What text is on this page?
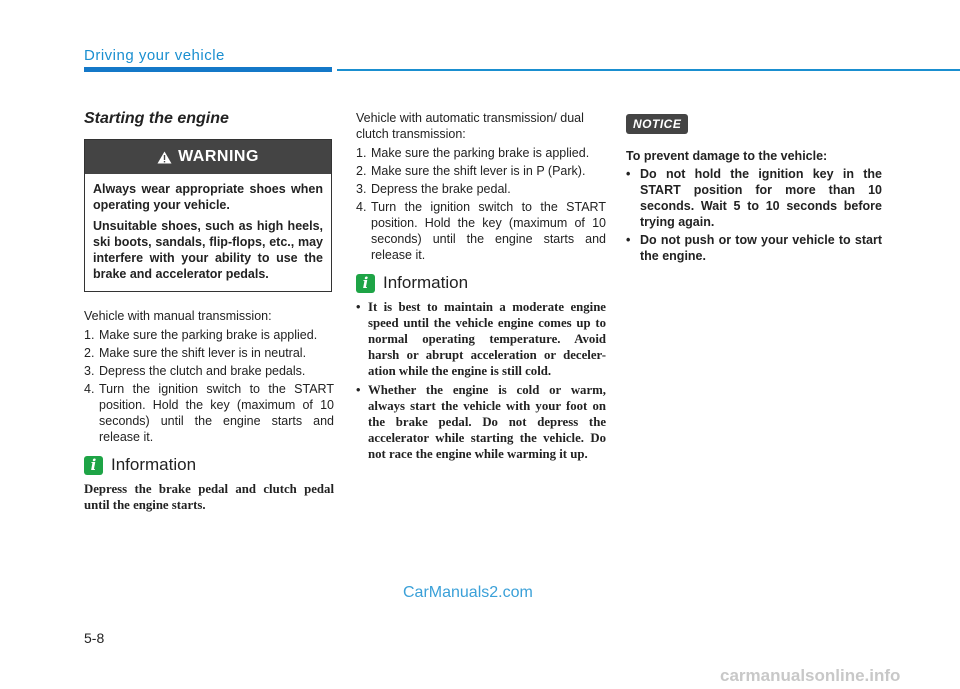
Driving your vehicle
Starting the engine
WARNING

Always wear appropriate shoes when operating your vehicle.

Unsuitable shoes, such as high heels, ski boots, sandals, flip-flops, etc., may interfere with your ability to use the brake and accelerator pedals.

Vehicle with manual transmission:
1. Make sure the parking brake is applied.
2. Make sure the shift lever is in neutral.
3. Depress the clutch and brake pedals.
4. Turn the ignition switch to the START position. Hold the key (maximum of 10 seconds) until the engine starts and release it.
i Information
Depress the brake pedal and clutch pedal until the engine starts.
Vehicle with automatic transmission/ dual clutch transmission:
1. Make sure the parking brake is applied.
2. Make sure the shift lever is in P (Park).
3. Depress the brake pedal.
4. Turn the ignition switch to the START position. Hold the key (maximum of 10 seconds) until the engine starts and release it.
i Information
• It is best to maintain a moderate engine speed until the vehicle engine comes up to normal operating temperature. Avoid harsh or abrupt acceleration or deceler-ation while the engine is still cold.
• Whether the engine is cold or warm, always start the vehicle with your foot on the brake pedal. Do not depress the accelerator while starting the vehicle. Do not race the engine while warming it up.
NOTICE
To prevent damage to the vehicle:
• Do not hold the ignition key in the START position for more than 10 seconds. Wait 5 to 10 seconds before trying again.
• Do not push or tow your vehicle to start the engine.
CarManuals2.com
5-8
carmanualsonline.info
